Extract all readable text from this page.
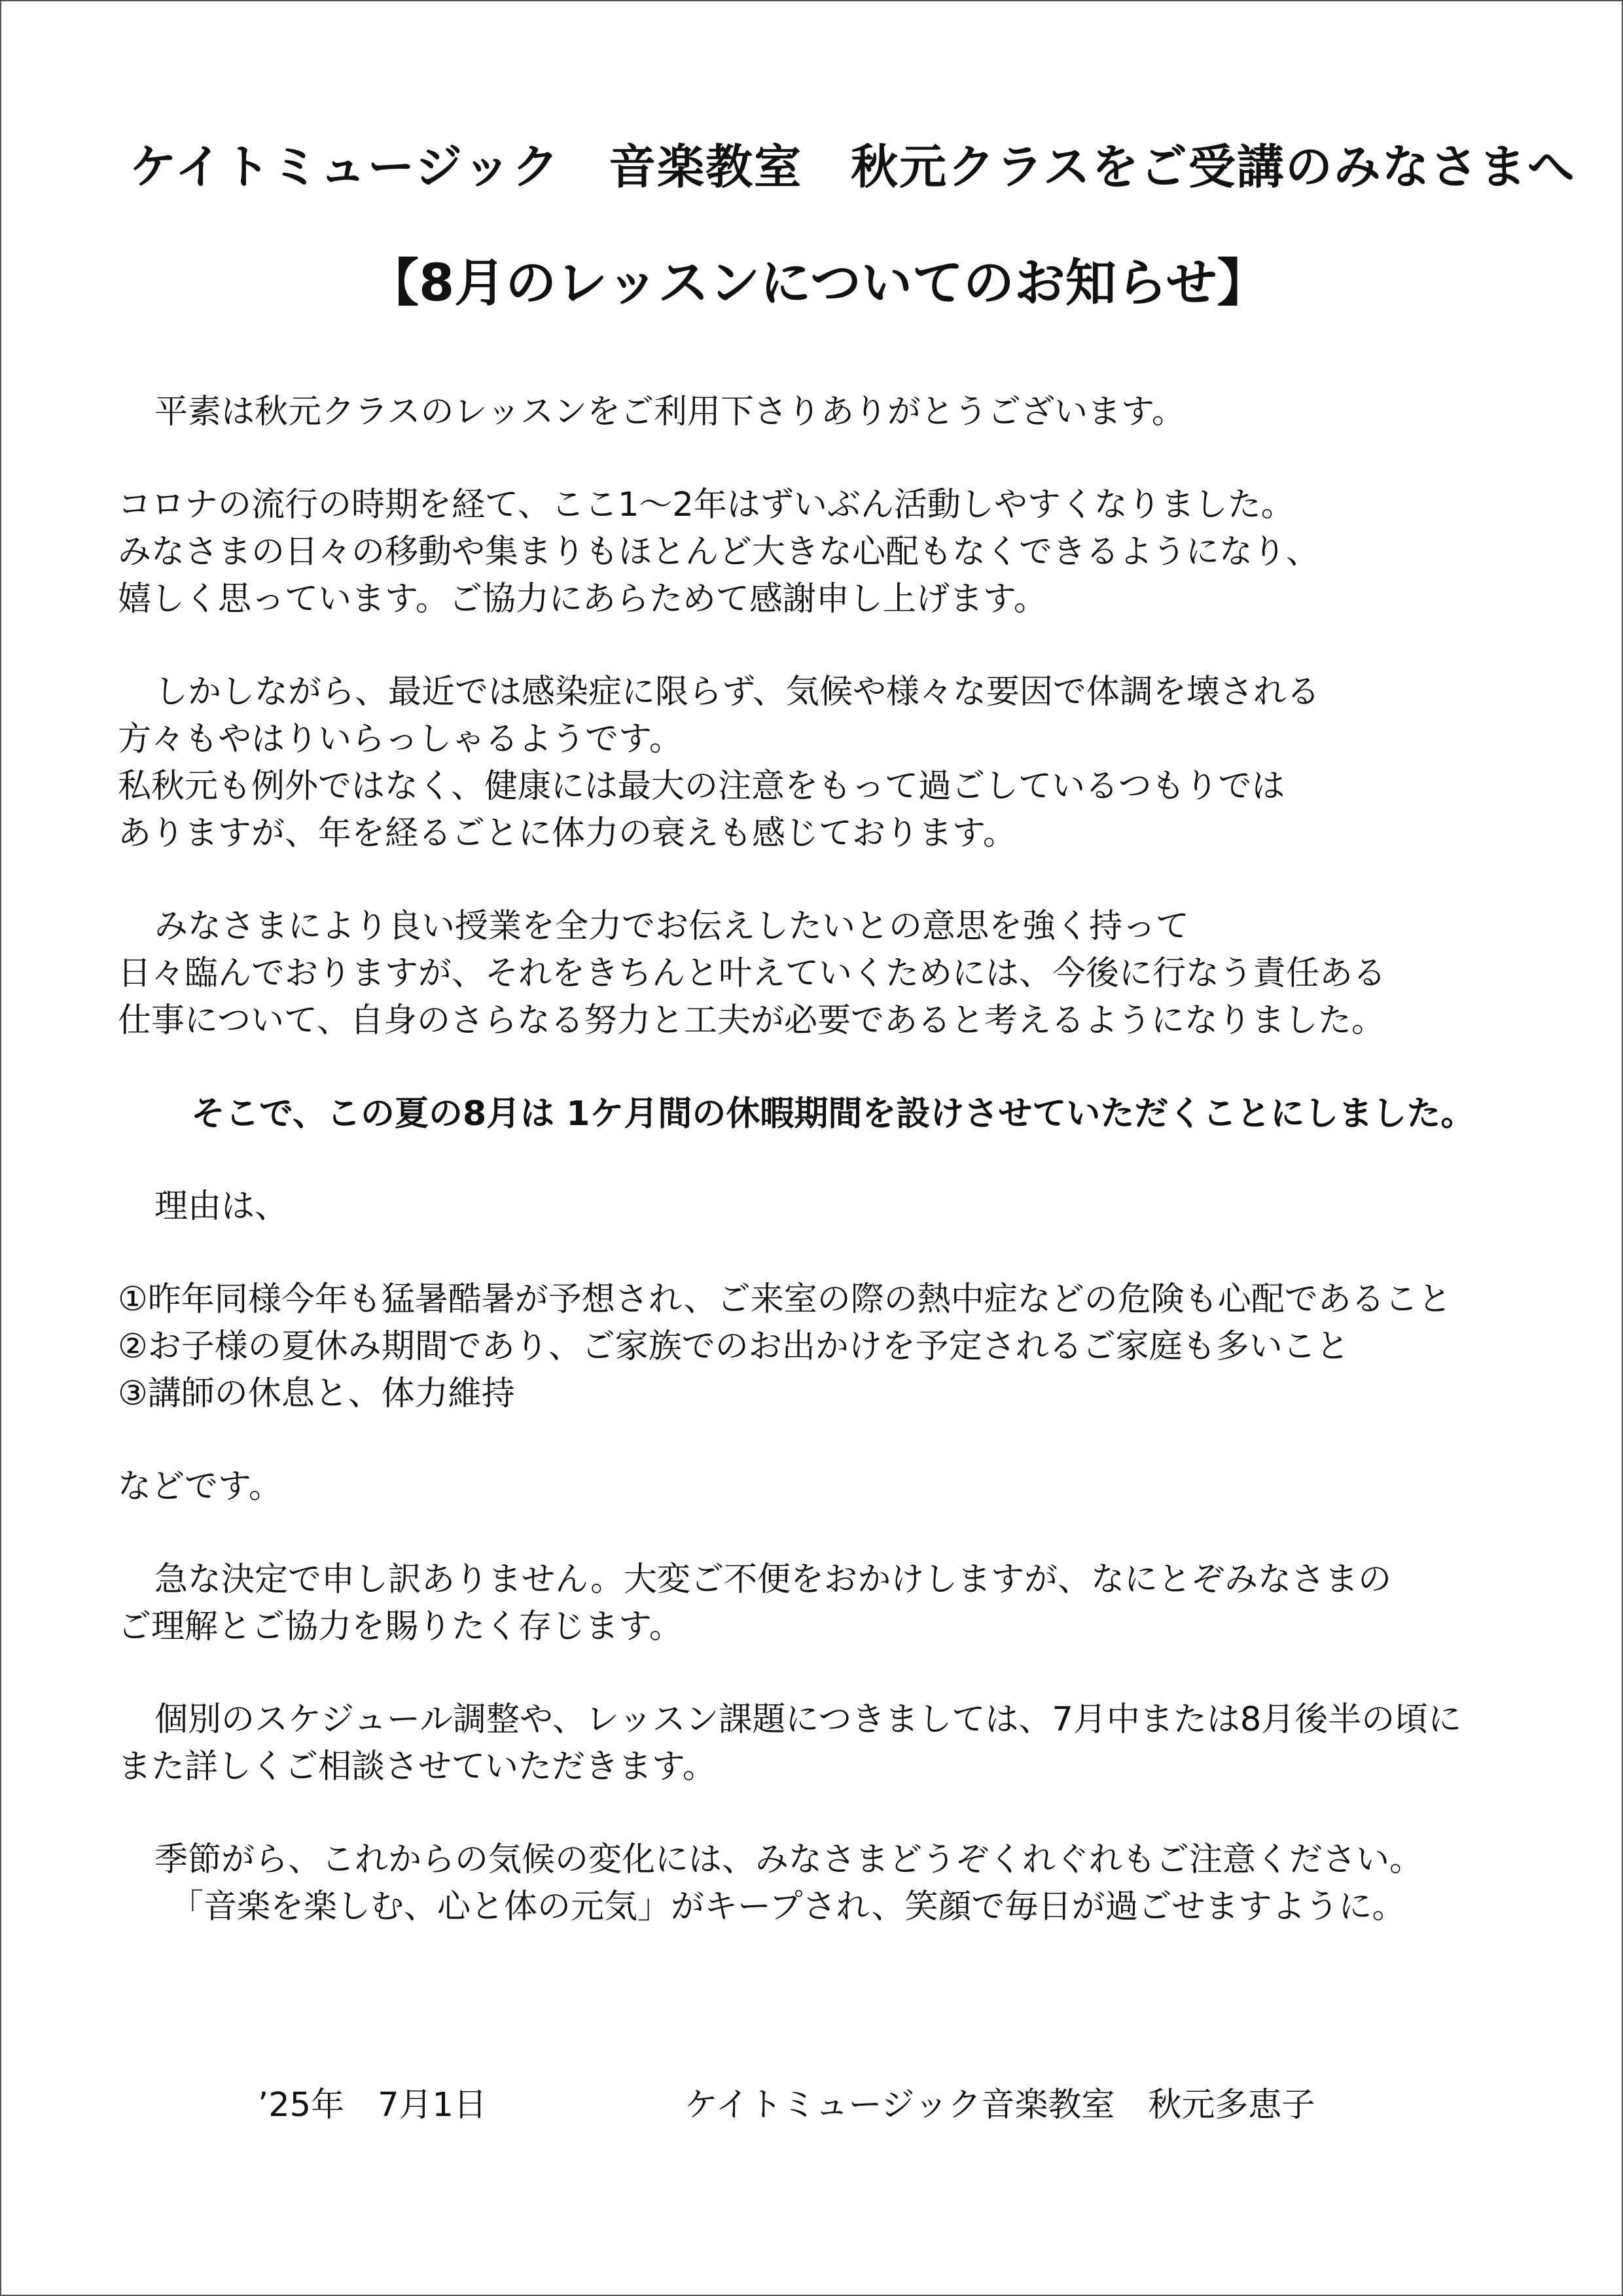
ケイトミュージック　音楽教室　秋元クラスをご受講のみなさまへ
【8月のレッスンについてのお知らせ】
平素は秋元クラスのレッスンをご利用下さりありがとうございます。
コロナの流行の時期を経て、ここ1～2年はずいぶん活動しやすくなりました。
みなさまの日々の移動や集まりもほとんど大きな心配もなくできるようになり、
嬉しく思っています。ご協力にあらためて感謝申し上げます。
しかしながら、最近では感染症に限らず、気候や様々な要因で体調を壊される
方々もやはりいらっしゃるようです。
私秋元も例外ではなく、健康には最大の注意をもって過ごしているつもりでは
ありますが、年を経るごとに体力の衰えも感じております。
みなさまにより良い授業を全力でお伝えしたいとの意思を強く持って
日々臨んでおりますが、それをきちんと叶えていくためには、今後に行なう責任ある
仕事について、自身のさらなる努力と工夫が必要であると考えるようになりました。
そこで、この夏の8月は 1ケ月間の休暇期間を設けさせていただくことにしました。
理由は、
①昨年同様今年も猛暑酷暑が予想され、ご来室の際の熱中症などの危険も心配であること
②お子様の夏休み期間であり、ご家族でのお出かけを予定されるご家庭も多いこと
③講師の休息と、体力維持
などです。
急な決定で申し訳ありません。大変ご不便をおかけしますが、なにとぞみなさまの
ご理解とご協力を賜りたく存じます。
個別のスケジュール調整や、レッスン課題につきましては、7月中または8月後半の頃に
また詳しくご相談させていただきます。
季節がら、これからの気候の変化には、みなさまどうぞくれぐれもご注意ください。
「音楽を楽しむ、心と体の元気」がキープされ、笑顔で毎日が過ごせますように。
’25年　7月1日	ケイトミュージック音楽教室　秋元多恵子
